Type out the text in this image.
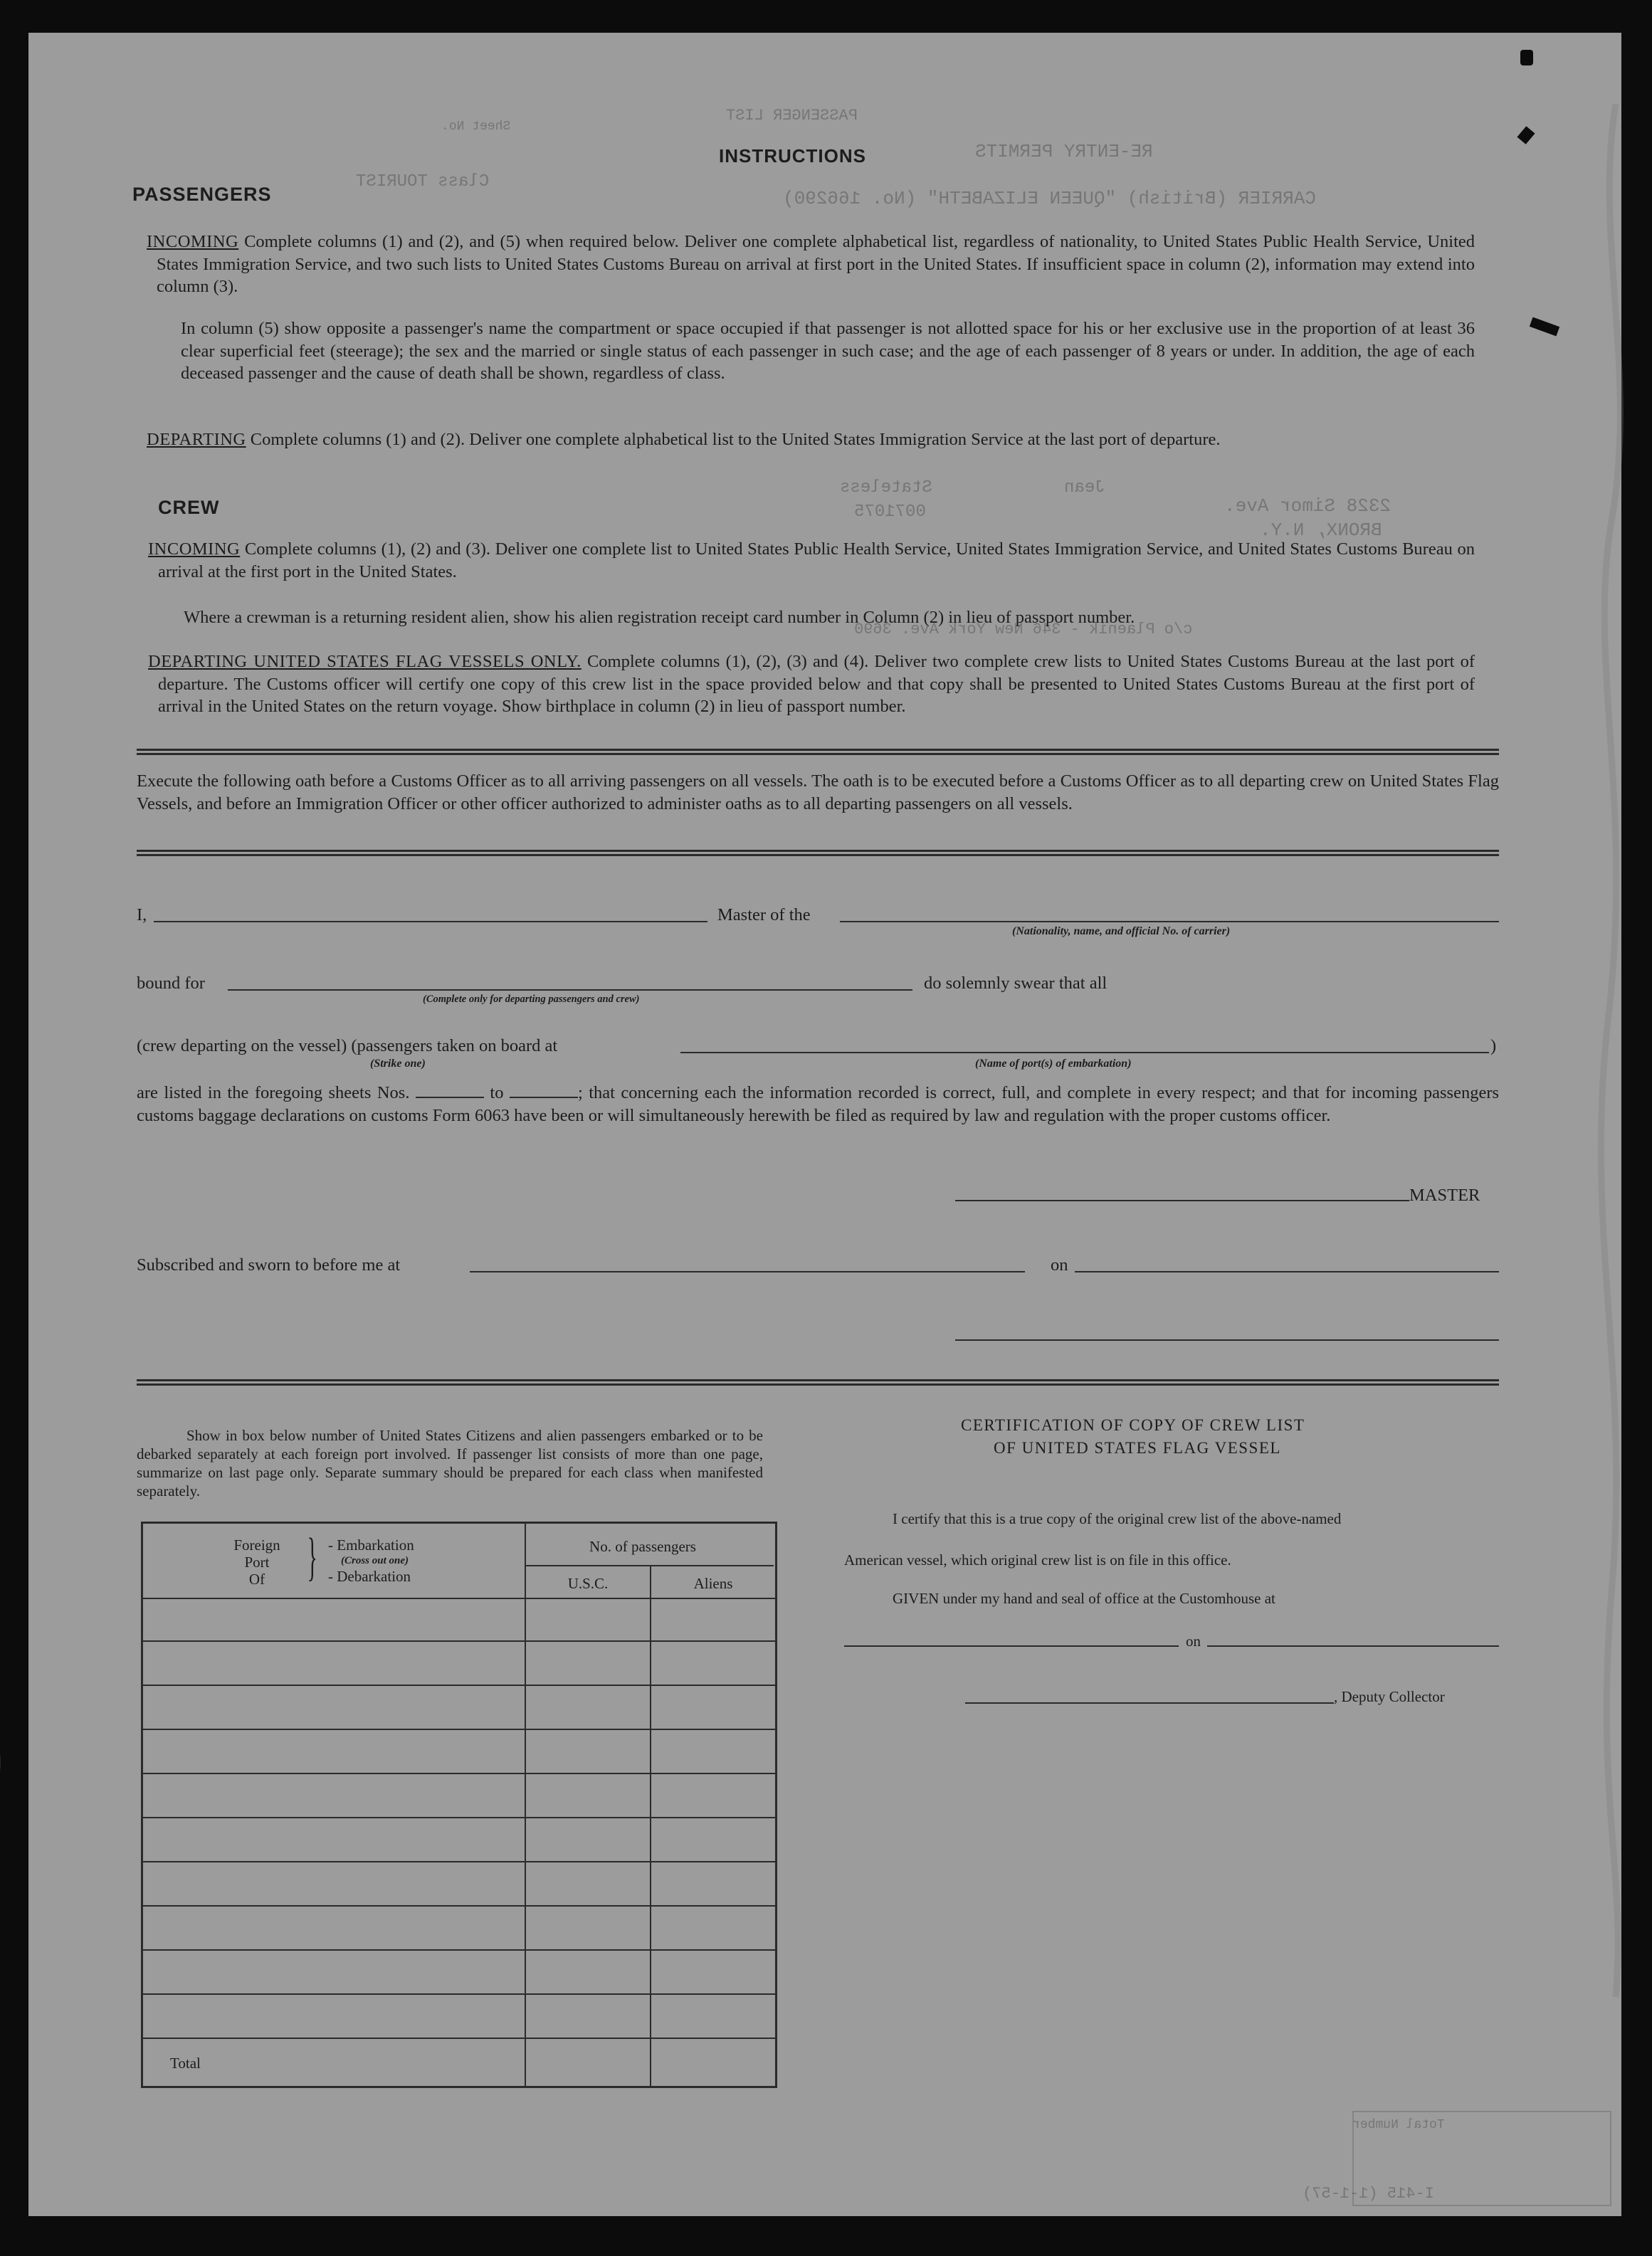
PASSENGER LIST
RE-ENTRY PERMITS
CARRIER (British) "QUEEN ELIZABETH" (No. 166290)
Class TOURIST
Sheet No.
Stateless	Jean
0071075	2328 Simor Ave.
BRONX, N.Y.
c/o Plaenik - 346 New York Ave. 3690
I-415 (1-1-57)
Total Number
INSTRUCTIONS
PASSENGERS
INCOMING Complete columns (1) and (2), and (5) when required below. Deliver one complete alphabetical list, regardless of nationality, to United States Public Health Service, United States Immigration Service, and two such lists to United States Customs Bureau on arrival at first port in the United States. If insufficient space in column (2), information may extend into column (3).
In column (5) show opposite a passenger's name the compartment or space occupied if that passenger is not allotted space for his or her exclusive use in the proportion of at least 36 clear superficial feet (steerage); the sex and the married or single status of each passenger in such case; and the age of each passenger of 8 years or under. In addition, the age of each deceased passenger and the cause of death shall be shown, regardless of class.
DEPARTING Complete columns (1) and (2). Deliver one complete alphabetical list to the United States Immigration Service at the last port of departure.
CREW
INCOMING Complete columns (1), (2) and (3). Deliver one complete list to United States Public Health Service, United States Immigration Service, and United States Customs Bureau on arrival at the first port in the United States.
Where a crewman is a returning resident alien, show his alien registration receipt card number in Column (2) in lieu of passport number.
DEPARTING UNITED STATES FLAG VESSELS ONLY. Complete columns (1), (2), (3) and (4). Deliver two complete crew lists to United States Customs Bureau at the last port of departure. The Customs officer will certify one copy of this crew list in the space provided below and that copy shall be presented to United States Customs Bureau at the first port of arrival in the United States on the return voyage. Show birthplace in column (2) in lieu of passport number.
Execute the following oath before a Customs Officer as to all arriving passengers on all vessels. The oath is to be executed before a Customs Officer as to all departing crew on United States Flag Vessels, and before an Immigration Officer or other officer authorized to administer oaths as to all departing passengers on all vessels.
I,	Master of the
(Nationality, name, and official No. of carrier)
bound for
(Complete only for departing passengers and crew)
do solemnly swear that all
(crew departing on the vessel) (passengers taken on board at	)
(Strike one)	(Name of port(s) of embarkation)
are listed in the foregoing sheets Nos.	to	; that concerning each the information recorded is correct, full, and complete in every respect; and that for incoming passengers customs baggage declarations on customs Form 6063 have been or will simultaneously herewith be filed as required by law and regulation with the proper customs officer.
MASTER
Subscribed and sworn to before me at	on
Show in box below number of United States Citizens and alien passengers embarked or to be debarked separately at each foreign port involved. If passenger list consists of more than one page, summarize on last page only. Separate summary should be prepared for each class when manifested separately.
Foreign
Port
Of } - Embarkation
(Cross out one)
- Debarkation
No. of passengers
U.S.C.	Aliens
Total
CERTIFICATION OF COPY OF CREW LIST
OF UNITED STATES FLAG VESSEL
I certify that this is a true copy of the original crew list of the above-named
American vessel, which original crew list is on file in this office.
GIVEN under my hand and seal of office at the Customhouse at
on
, Deputy Collector
